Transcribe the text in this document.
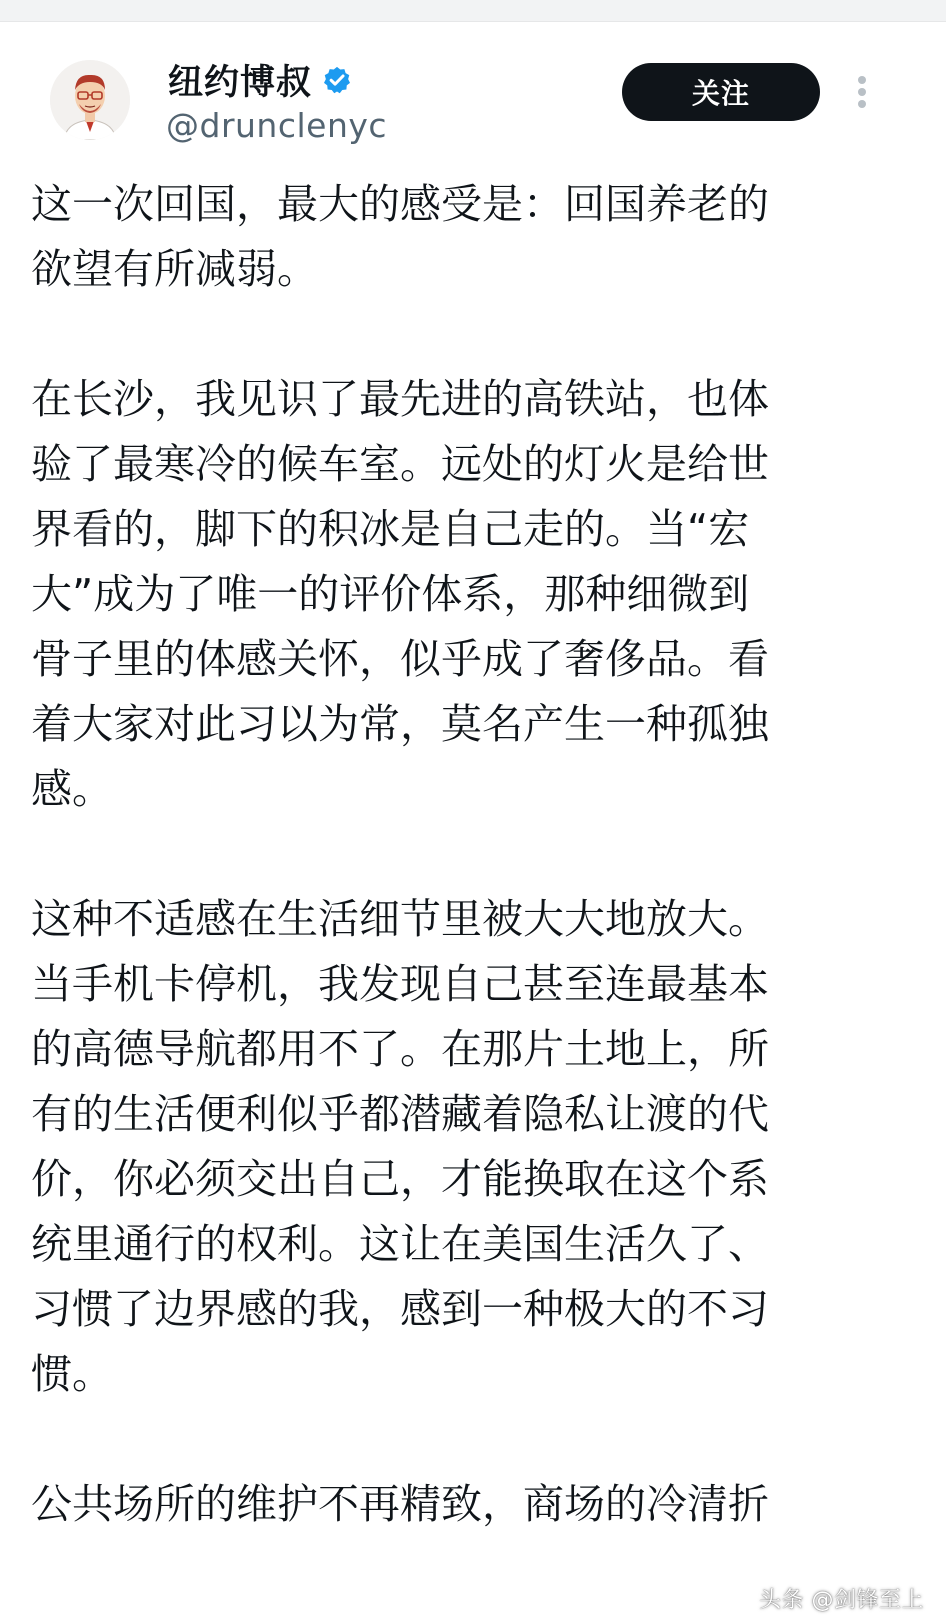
纽约博叔
@drunclenyc
关注
这一次回国，最大的感受是：回国养老的
欲望有所减弱。
在长沙，我见识了最先进的高铁站，也体
验了最寒冷的候车室。远处的灯火是给世
界看的，脚下的积冰是自己走的。当“宏
大”成为了唯一的评价体系，那种细微到
骨子里的体感关怀，似乎成了奢侈品。看
着大家对此习以为常，莫名产生一种孤独
感。
这种不适感在生活细节里被大大地放大。
当手机卡停机，我发现自己甚至连最基本
的高德导航都用不了。在那片土地上，所
有的生活便利似乎都潜藏着隐私让渡的代
价，你必须交出自己，才能换取在这个系
统里通行的权利。这让在美国生活久了、
习惯了边界感的我，感到一种极大的不习
惯。
公共场所的维护不再精致，商场的冷清折
头条 @剑锋至上
